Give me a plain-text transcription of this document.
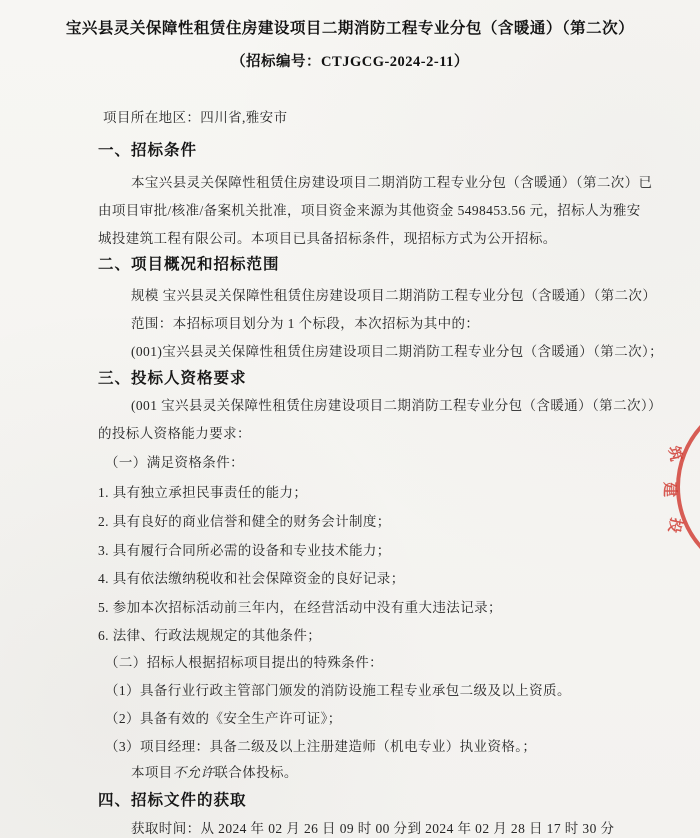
宝兴县灵关保障性租赁住房建设项目二期消防工程专业分包（含暖通）（第二次）
（招标编号：CTJGCG-2024-2-11）
项目所在地区：四川省,雅安市
一、招标条件
本宝兴县灵关保障性租赁住房建设项目二期消防工程专业分包（含暖通）（第二次）已
由项目审批/核准/备案机关批准，项目资金来源为其他资金 5498453.56 元，招标人为雅安
城投建筑工程有限公司。本项目已具备招标条件，现招标方式为公开招标。
二、项目概况和招标范围
规模 宝兴县灵关保障性租赁住房建设项目二期消防工程专业分包（含暖通）（第二次）
范围：本招标项目划分为 1 个标段，本次招标为其中的：
(001)宝兴县灵关保障性租赁住房建设项目二期消防工程专业分包（含暖通）（第二次）；
三、投标人资格要求
(001 宝兴县灵关保障性租赁住房建设项目二期消防工程专业分包（含暖通）（第二次））
的投标人资格能力要求：
（一）满足资格条件：
1. 具有独立承担民事责任的能力；
2. 具有良好的商业信誉和健全的财务会计制度；
3. 具有履行合同所必需的设备和专业技术能力；
4. 具有依法缴纳税收和社会保障资金的良好记录；
5. 参加本次招标活动前三年内，在经营活动中没有重大违法记录；
6. 法律、行政法规规定的其他条件；
（二）招标人根据招标项目提出的特殊条件：
（1）具备行业行政主管部门颁发的消防设施工程专业承包二级及以上资质。
（2）具备有效的《安全生产许可证》；
（3）项目经理：具备二级及以上注册建造师（机电专业）执业资格。；
本项目不允许联合体投标。
四、招标文件的获取
获取时间：从 2024 年 02 月 26 日 09 时 00 分到 2024 年 02 月 28 日 17 时 30 分
筑
建
投
